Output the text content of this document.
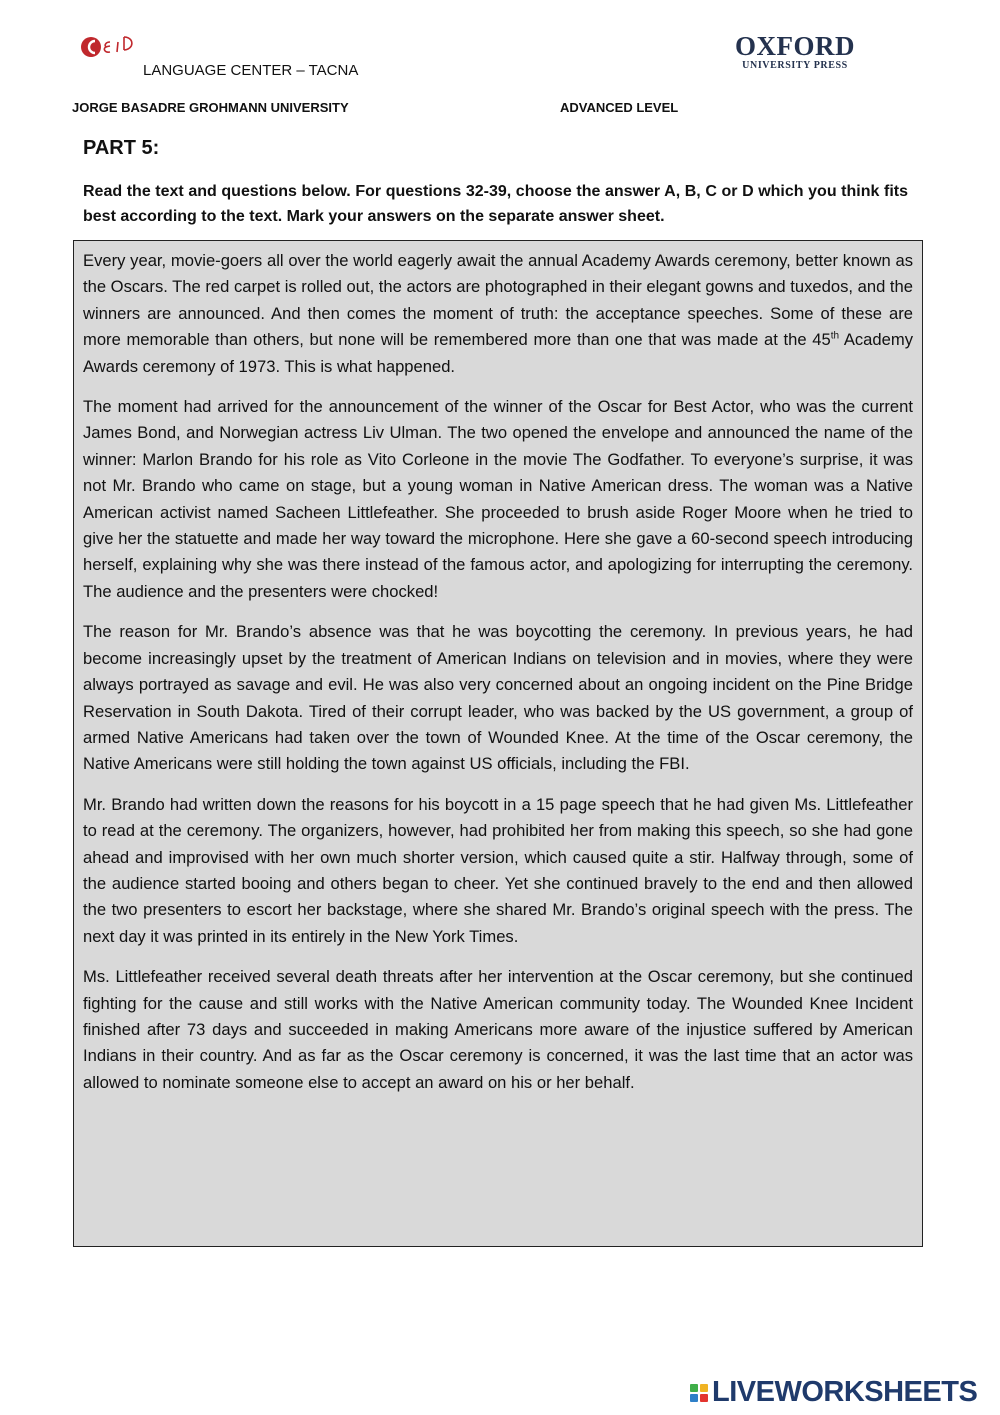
LANGUAGE CENTER – TACNA
OXFORD
UNIVERSITY PRESS
JORGE BASADRE GROHMANN UNIVERSITY	ADVANCED LEVEL
PART 5:
Read the text and questions below. For questions 32-39, choose the answer A, B, C or D which you think fits best according to the text. Mark your answers on the separate answer sheet.

Every year, movie-goers all over the world eagerly await the annual Academy Awards ceremony, better known as the Oscars. The red carpet is rolled out, the actors are photographed in their elegant gowns and tuxedos, and the winners are announced. And then comes the moment of truth: the acceptance speeches. Some of these are more memorable than others, but none will be remembered more than one that was made at the 45th Academy Awards ceremony of 1973. This is what happened.

The moment had arrived for the announcement of the winner of the Oscar for Best Actor, who was the current James Bond, and Norwegian actress Liv Ulman. The two opened the envelope and announced the name of the winner: Marlon Brando for his role as Vito Corleone in the movie The Godfather. To everyone’s surprise, it was not Mr. Brando who came on stage, but a young woman in Native American dress. The woman was a Native American activist named Sacheen Littlefeather. She proceeded to brush aside Roger Moore when he tried to give her the statuette and made her way toward the microphone. Here she gave a 60-second speech introducing herself, explaining why she was there instead of the famous actor, and apologizing for interrupting the ceremony. The audience and the presenters were chocked!

The reason for Mr. Brando’s absence was that he was boycotting the ceremony. In previous years, he had become increasingly upset by the treatment of American Indians on television and in movies, where they were always portrayed as savage and evil. He was also very concerned about an ongoing incident on the Pine Bridge Reservation in South Dakota. Tired of their corrupt leader, who was backed by the US government, a group of armed Native Americans had taken over the town of Wounded Knee. At the time of the Oscar ceremony, the Native Americans were still holding the town against US officials, including the FBI.

Mr. Brando had written down the reasons for his boycott in a 15 page speech that he had given Ms. Littlefeather to read at the ceremony. The organizers, however, had prohibited her from making this speech, so she had gone ahead and improvised with her own much shorter version, which caused quite a stir. Halfway through, some of the audience started booing and others began to cheer. Yet she continued bravely to the end and then allowed the two presenters to escort her backstage, where she shared Mr. Brando’s original speech with the press. The next day it was printed in its entirely in the New York Times.

Ms. Littlefeather received several death threats after her intervention at the Oscar ceremony, but she continued fighting for the cause and still works with the Native American community today. The Wounded Knee Incident finished after 73 days and succeeded in making Americans more aware of the injustice suffered by American Indians in their country. And as far as the Oscar ceremony is concerned, it was the last time that an actor was allowed to nominate someone else to accept an award on his or her behalf.

LIVEWORKSHEETS
